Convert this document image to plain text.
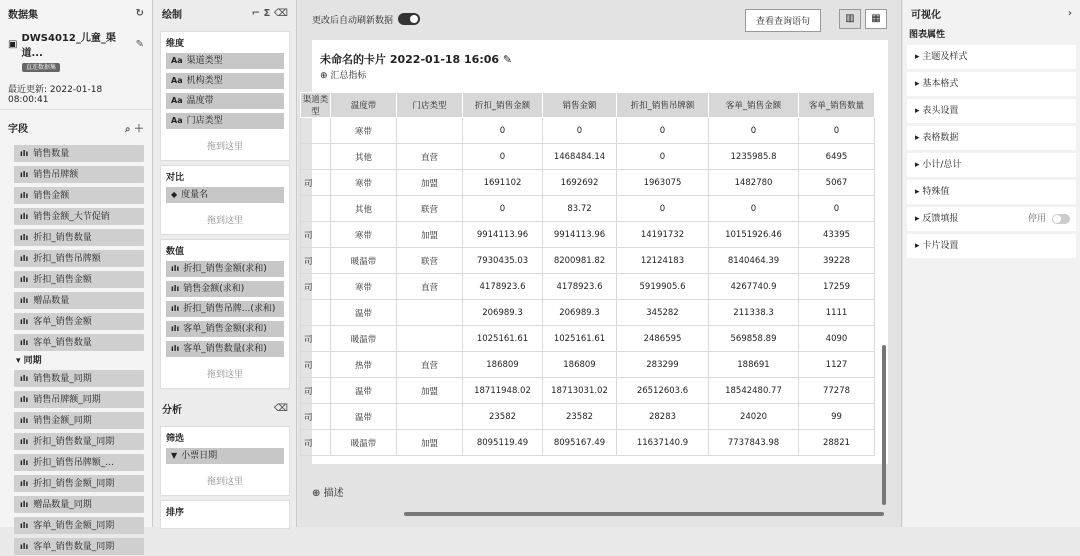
数据集	↻
▣ DWS4012_儿童_渠道...
✎
直连数据集
最近更新: 2022-01-18 08:00:41
字段	⌕ ＋
ılı 销售数量
ılı 销售吊牌额
ılı 销售金额
ılı 销售金额_大节促销
ılı 折扣_销售数量
ılı 折扣_销售吊牌额
ılı 折扣_销售金额
ılı 赠品数量
ılı 客单_销售金额
ılı 客单_销售数量
▾ 同期
ılı 销售数量_同期
ılı 销售吊牌额_同期
ılı 销售金额_同期
ılı 折扣_销售数量_同期
ılı 折扣_销售吊牌额_...
ılı 折扣_销售金额_同期
ılı 赠品数量_同期
ılı 客单_销售金额_同期
ılı 客单_销售数量_同期
绘制	⌐ Σ ⌫
维度
Aa 渠道类型
Aa 机构类型
Aa 温度带
Aa 门店类型
拖到这里
对比
◆ 度量名
拖到这里
数值
ılı 折扣_销售金额(求和)
ılı 销售金额(求和)
ılı 折扣_销售吊牌...(求和)
ılı 客单_销售金额(求和)
ılı 客单_销售数量(求和)
拖到这里
分析	⌫
筛选
▼ 小票日期
拖到这里
排序
更改后自动刷新数据	查看查询语句	▥	▦
未命名的卡片 2022-01-18 16:06 ✎
⊕ 汇总指标
渠道类型	温度带	门店类型	折扣_销售金额	销售金额	折扣_销售吊牌额	客单_销售金额	客单_销售数量
	寒带		0	0	0	0	0
	其他	直营	0	1468484.14	0	1235985.8	6495
司	寒带	加盟	1691102	1692692	1963075	1482780	5067
	其他	联营	0	83.72	0	0	0
司	寒带	加盟	9914113.96	9914113.96	14191732	10151926.46	43395
司	暖温带	联营	7930435.03	8200981.82	12124183	8140464.39	39228
司	寒带	直营	4178923.6	4178923.6	5919905.6	4267740.9	17259
	温带		206989.3	206989.3	345282	211338.3	1111
司	暖温带		1025161.61	1025161.61	2486595	569858.89	4090
司	热带	直营	186809	186809	283299	188691	1127
司	温带	加盟	18711948.02	18713031.02	26512603.6	18542480.77	77278
司	温带		23582	23582	28283	24020	99
司	暖温带	加盟	8095119.49	8095167.49	11637140.9	7737843.98	28821
⊕ 描述
可视化	›
图表属性
▸ 主题及样式
▸ 基本格式
▸ 表头设置
▸ 表格数据
▸ 小计/总计
▸ 特殊值
▸ 反馈填报	停用
▸ 卡片设置
